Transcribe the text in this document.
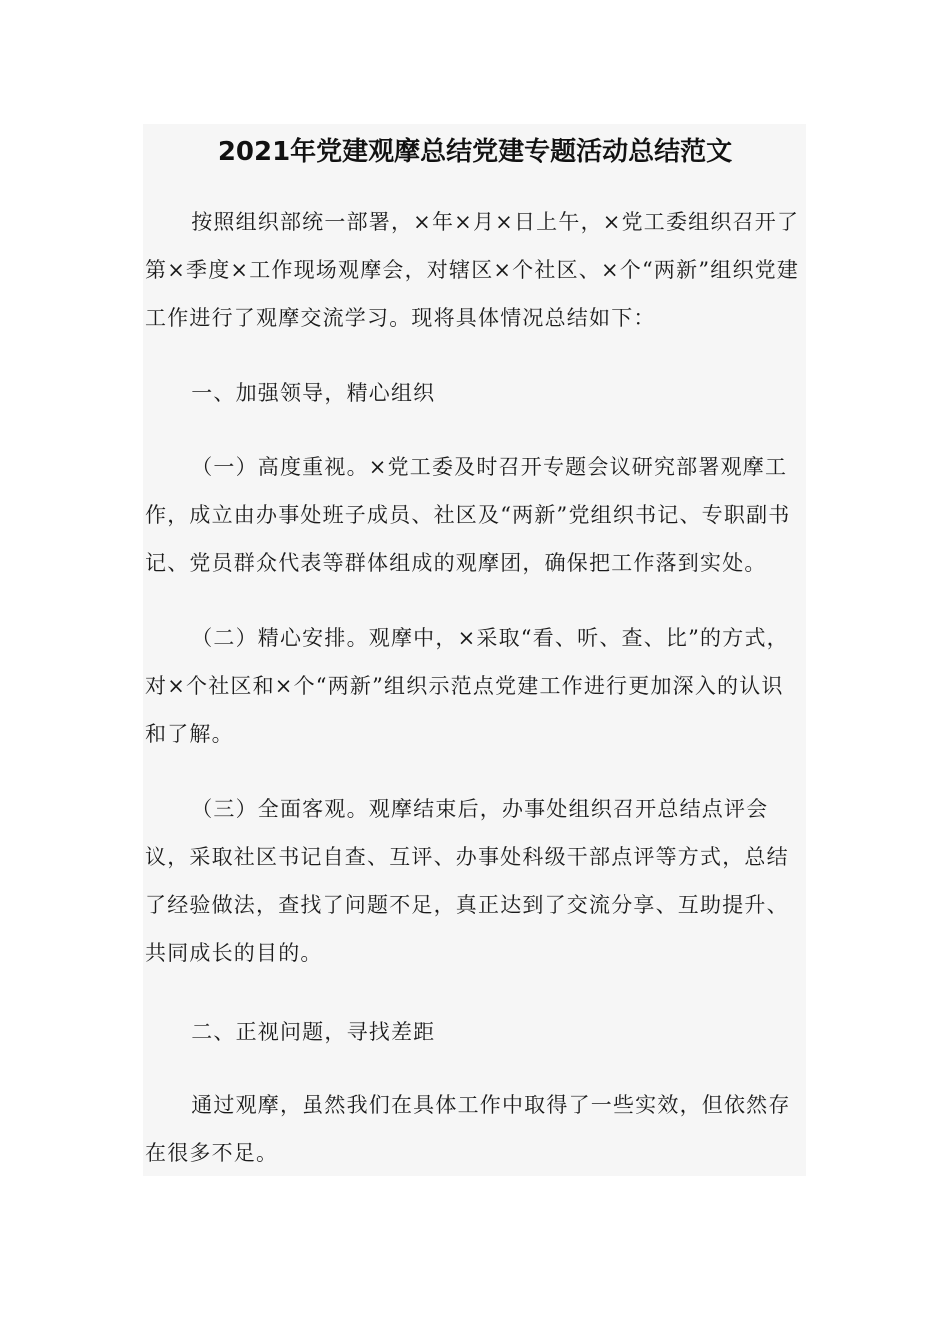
2021年党建观摩总结党建专题活动总结范文

按照组织部统一部署，×年×月×日上午，×党工委组织召开了第×季度×工作现场观摩会，对辖区×个社区、×个“两新”组织党建工作进行了观摩交流学习。现将具体情况总结如下：

一、加强领导，精心组织

（一）高度重视。×党工委及时召开专题会议研究部署观摩工作，成立由办事处班子成员、社区及“两新”党组织书记、专职副书记、党员群众代表等群体组成的观摩团，确保把工作落到实处。

（二）精心安排。观摩中，×采取“看、听、查、比”的方式，对×个社区和×个“两新”组织示范点党建工作进行更加深入的认识和了解。

（三）全面客观。观摩结束后，办事处组织召开总结点评会议，采取社区书记自查、互评、办事处科级干部点评等方式，总结了经验做法，查找了问题不足，真正达到了交流分享、互助提升、共同成长的目的。

二、正视问题，寻找差距

通过观摩，虽然我们在具体工作中取得了一些实效，但依然存在很多不足。
